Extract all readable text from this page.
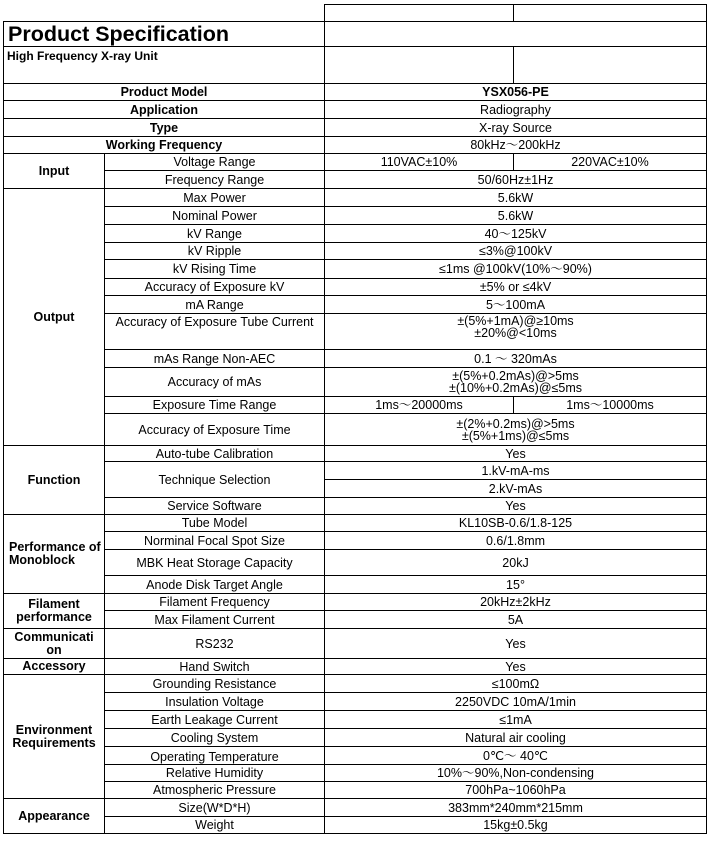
Product Specification			
High Frequency X-ray Unit			
Product Model		YSX056-PE	
Application		Radiography	
Type		X-ray Source	
Working Frequency		80kHz～200kHz	
Input	Voltage Range	110VAC±10%	220VAC±10%
	Frequency Range	50/60Hz±1Hz	
Output	Max Power	5.6kW	
	Nominal Power	5.6kW	
	kV Range	40～125kV	
	kV Ripple	≤3%@100kV	
	kV Rising Time	≤1ms @100kV(10%～90%)	
	Accuracy of Exposure kV	±5% or ≤4kV	
	mA Range	5～100mA	
	Accuracy of Exposure Tube Current	±(5%+1mA)@≥10ms
±20%@<10ms	

	mAs Range Non-AEC	0.1 ～ 320mAs	
	Accuracy of mAs	±(5%+0.2mAs)@>5ms
±(10%+0.2mAs)@≤5ms	

	Exposure Time Range	1ms～20000ms	1ms～10000ms
	Accuracy of Exposure Time	±(2%+0.2ms)@>5ms
±(5%+1ms)@≤5ms	

Function	Auto-tube Calibration	Yes	
	Technique Selection	1.kV-mA-ms	
		2.kV-mAs	
	Service Software	Yes	

Performance of
Monoblock	Tube Model	KL10SB-0.6/1.8-125	
	Norminal Focal Spot Size	0.6/1.8mm	
	MBK Heat Storage Capacity	20kJ	
	Anode Disk Target Angle	15°	

Filament
performance	Filament Frequency	20kHz±2kHz	
	Max Filament Current	5A	

Communicati
on	RS232	Yes	
Accessory	Hand Switch	Yes	

Environment
Requirements	Grounding Resistance	≤100mΩ	
	Insulation Voltage	2250VDC 10mA/1min	
	Earth Leakage Current	≤1mA	
	Cooling System	Natural air cooling	
	Operating Temperature	0℃～ 40℃	
	Relative Humidity	10%～90%,Non-condensing	
	Atmospheric Pressure	700hPa~1060hPa	
Appearance	Size(W*D*H)	383mm*240mm*215mm	
	Weight	15kg±0.5kg	
